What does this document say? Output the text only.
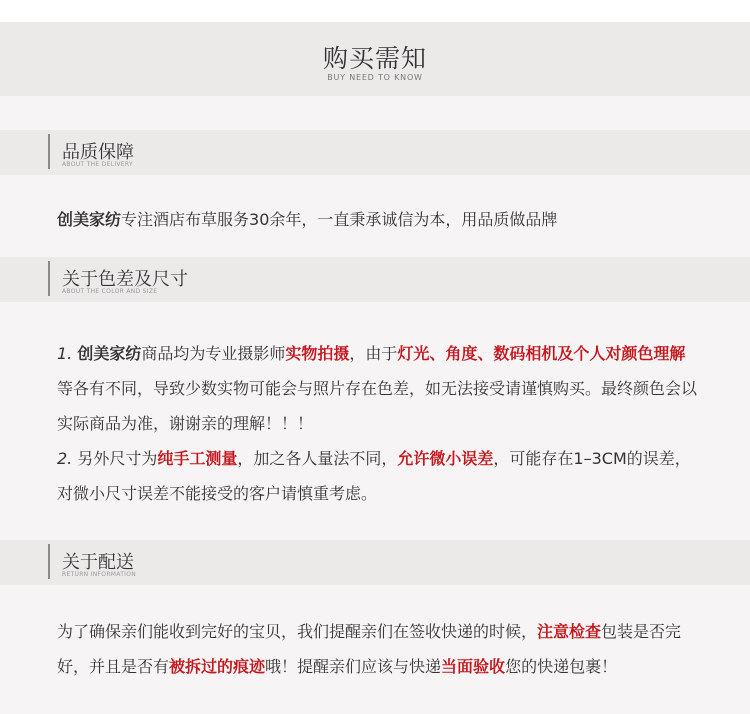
购买需知
BUY NEED TO KNOW
品质保障
ABOUT THE DELIVERY
创美家纺专注酒店布草服务30余年，一直秉承诚信为本，用品质做品牌
关于色差及尺寸
ABOUT THE COLOR AND SIZE
1. 创美家纺商品均为专业摄影师实物拍摄，由于灯光、角度、数码相机及个人对颜色理解等各有不同，导致少数实物可能会与照片存在色差，如无法接受请谨慎购买。最终颜色会以实际商品为准，谢谢亲的理解！！！
2. 另外尺寸为纯手工测量，加之各人量法不同，允许微小误差，可能存在1–3CM的误差，对微小尺寸误差不能接受的客户请慎重考虑。
关于配送
RETURN INFORMATION
为了确保亲们能收到完好的宝贝，我们提醒亲们在签收快递的时候，注意检查包装是否完好，并且是否有被拆过的痕迹哦！提醒亲们应该与快递当面验收您的快递包裹！
